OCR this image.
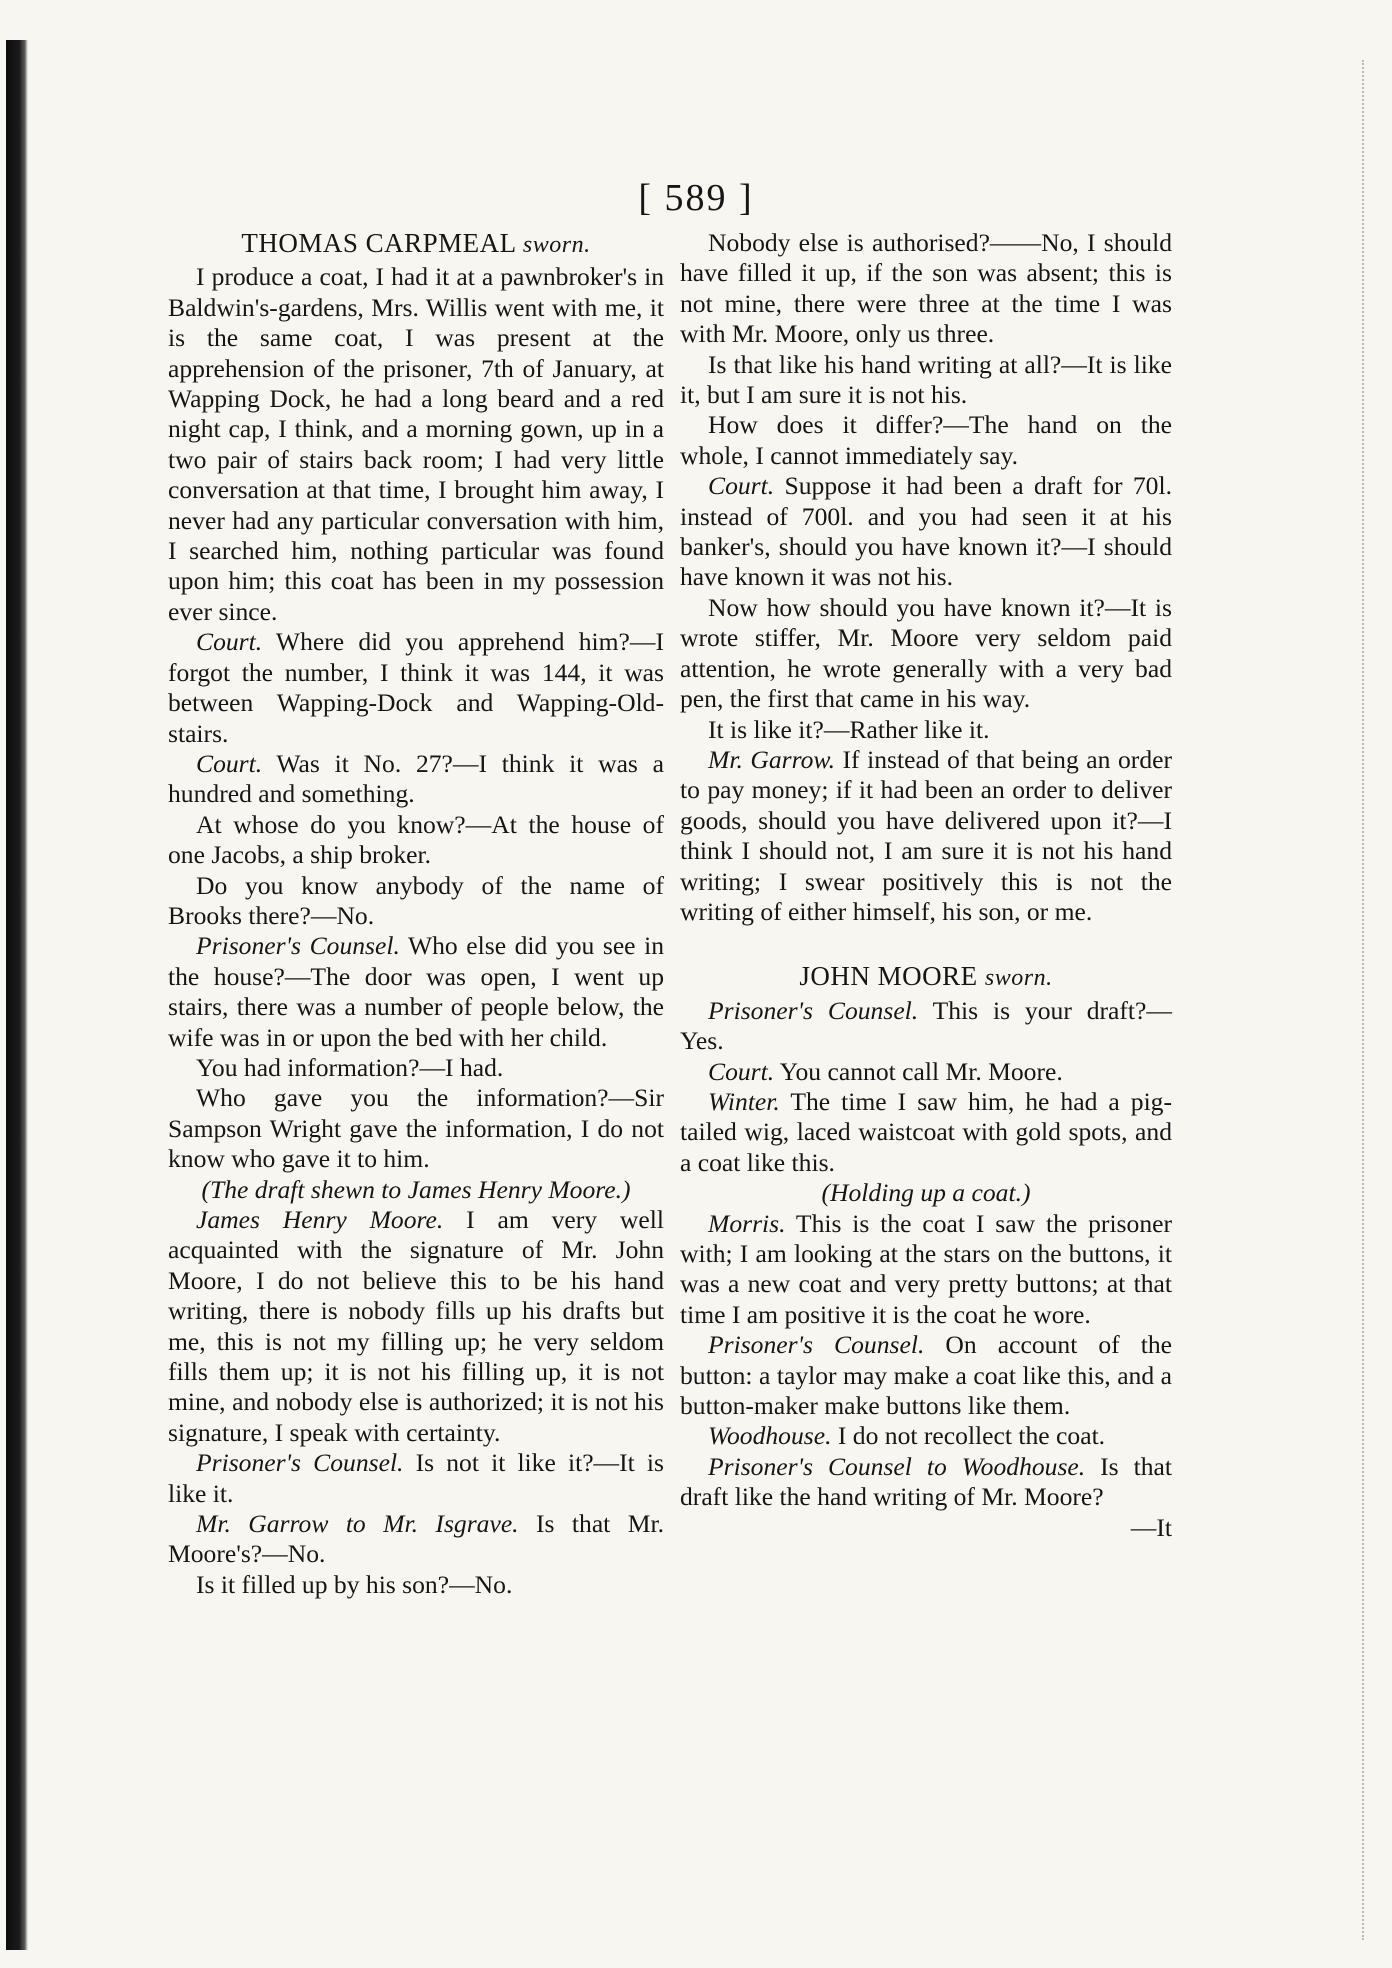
[ 589 ]
THOMAS CARPMEAL sworn.

I produce a coat, I had it at a pawnbroker's in Baldwin's-gardens, Mrs. Willis went with me, it is the same coat, I was present at the apprehension of the prisoner, 7th of January, at Wapping Dock, he had a long beard and a red night cap, I think, and a morning gown, up in a two pair of stairs back room; I had very little conversation at that time, I brought him away, I never had any particular conversation with him, I searched him, nothing particular was found upon him; this coat has been in my possession ever since.

Court. Where did you apprehend him?—I forgot the number, I think it was 144, it was between Wapping-Dock and Wapping-Old-stairs.

Court. Was it No. 27?—I think it was a hundred and something.

At whose do you know?—At the house of one Jacobs, a ship broker.

Do you know anybody of the name of Brooks there?—No.

Prisoner's Counsel. Who else did you see in the house?—The door was open, I went up stairs, there was a number of people below, the wife was in or upon the bed with her child.

You had information?—I had.

Who gave you the information?—Sir Sampson Wright gave the information, I do not know who gave it to him.

(The draft shewn to James Henry Moore.)

James Henry Moore. I am very well acquainted with the signature of Mr. John Moore, I do not believe this to be his hand writing, there is nobody fills up his drafts but me, this is not my filling up; he very seldom fills them up; it is not his filling up, it is not mine, and nobody else is authorized; it is not his signature, I speak with certainty.

Prisoner's Counsel. Is not it like it?—It is like it.

Mr. Garrow to Mr. Isgrave. Is that Mr. Moore's?—No.

Is it filled up by his son?—No.

Nobody else is authorised?——No, I should have filled it up, if the son was absent; this is not mine, there were three at the time I was with Mr. Moore, only us three.

Is that like his hand writing at all?—It is like it, but I am sure it is not his.

How does it differ?—The hand on the whole, I cannot immediately say.

Court. Suppose it had been a draft for 70l. instead of 700l. and you had seen it at his banker's, should you have known it?—I should have known it was not his.

Now how should you have known it?—It is wrote stiffer, Mr. Moore very seldom paid attention, he wrote generally with a very bad pen, the first that came in his way.

It is like it?—Rather like it.

Mr. Garrow. If instead of that being an order to pay money; if it had been an order to deliver goods, should you have delivered upon it?—I think I should not, I am sure it is not his hand writing; I swear positively this is not the writing of either himself, his son, or me.

JOHN MOORE sworn.

Prisoner's Counsel. This is your draft?—Yes.

Court. You cannot call Mr. Moore.

Winter. The time I saw him, he had a pig-tailed wig, laced waistcoat with gold spots, and a coat like this.

(Holding up a coat.)

Morris. This is the coat I saw the prisoner with; I am looking at the stars on the buttons, it was a new coat and very pretty buttons; at that time I am positive it is the coat he wore.

Prisoner's Counsel. On account of the button: a taylor may make a coat like this, and a button-maker make buttons like them.

Woodhouse. I do not recollect the coat.

Prisoner's Counsel to Woodhouse. Is that draft like the hand writing of Mr. Moore?

—It
